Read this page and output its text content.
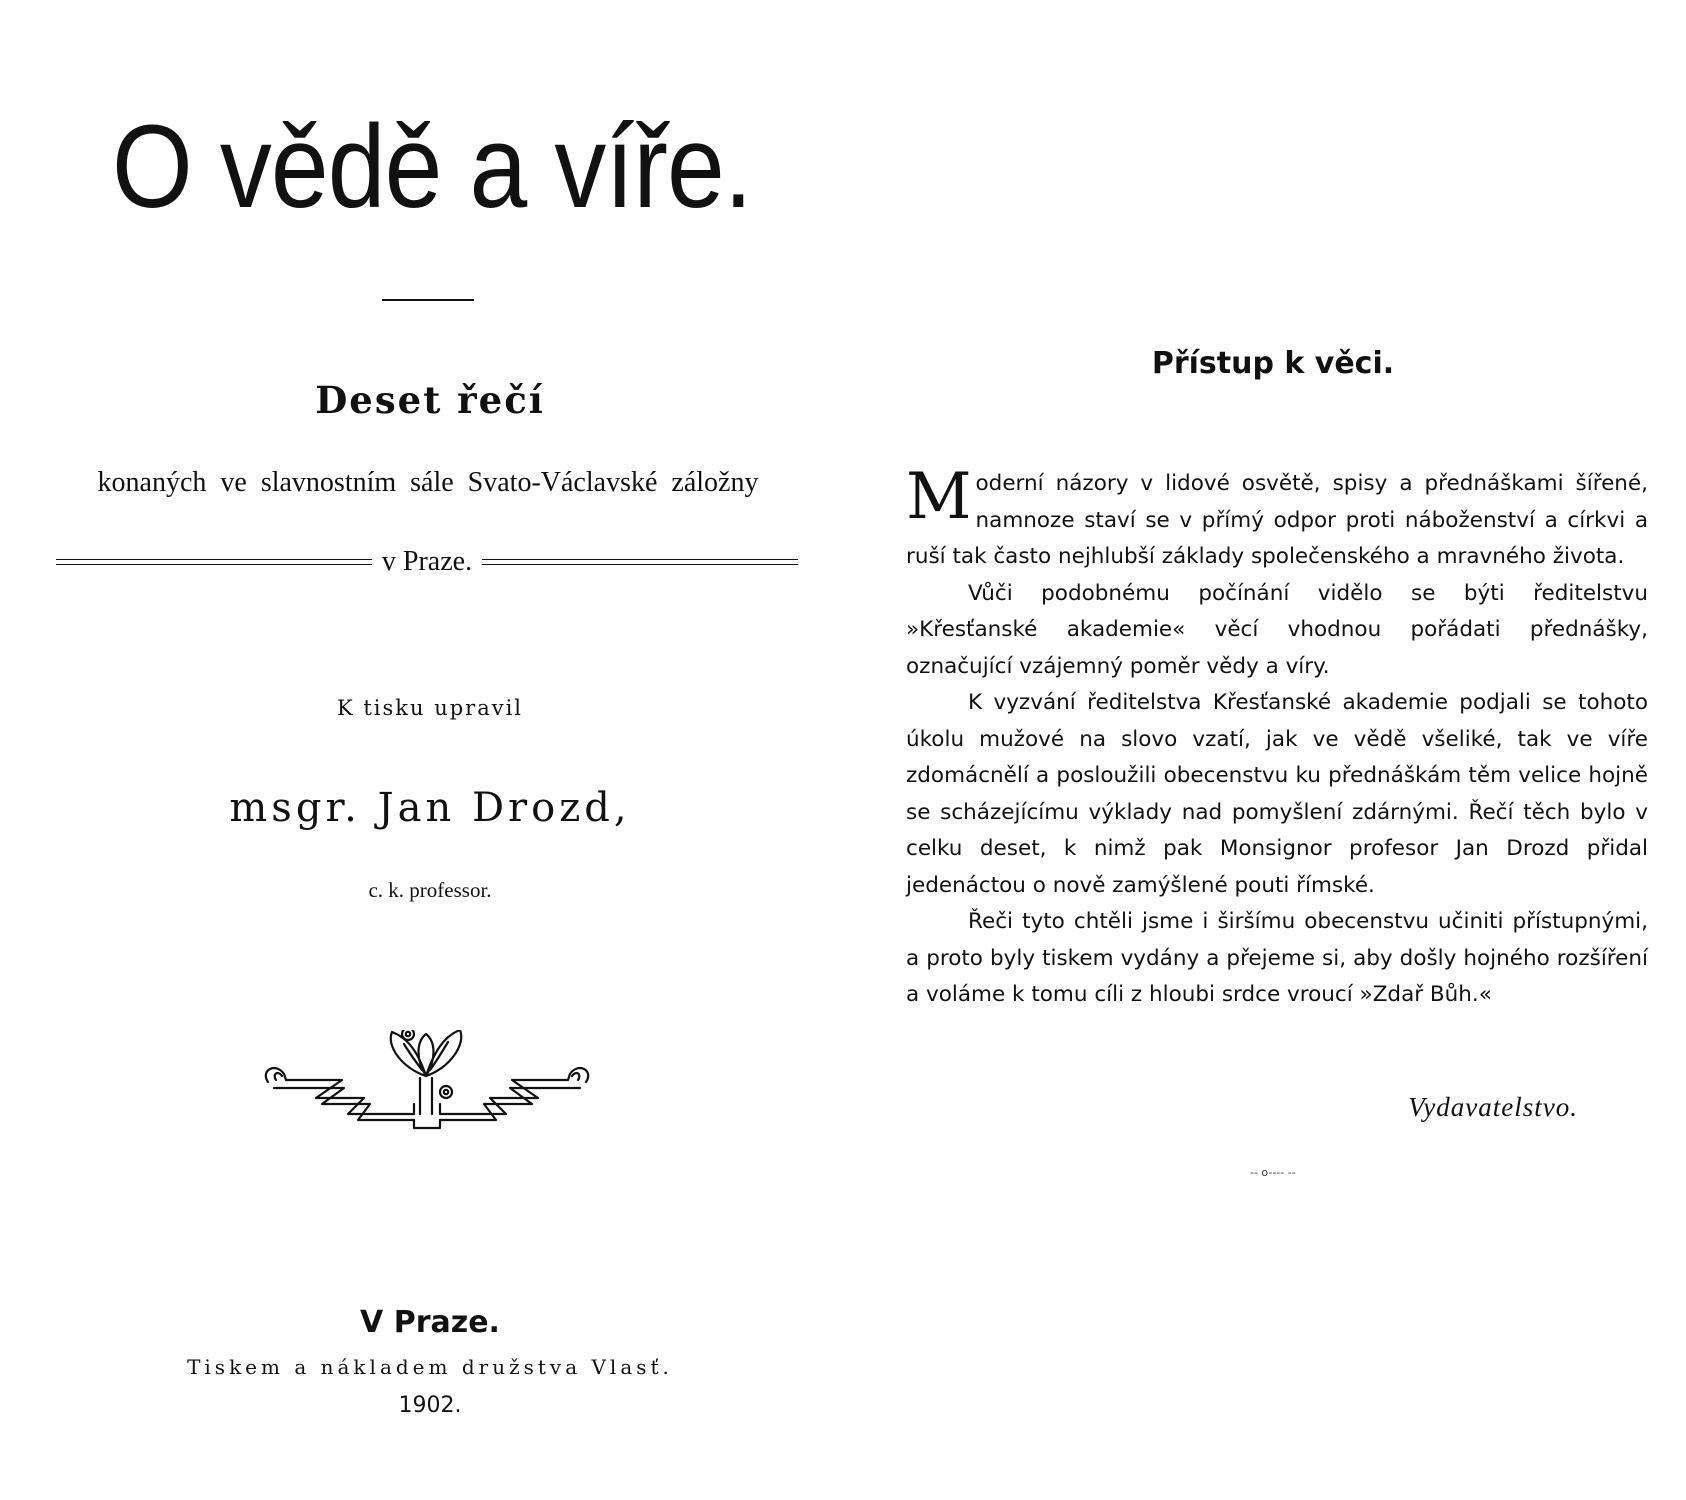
O vědě a víře.
Deset řečí
konaných ve slavnostním sále Svato-Václavské záložny
v Praze.
K tisku upravil
msgr. Jan Drozd,
c. k. professor.
V Praze.
Tiskem a nákladem družstva Vlasť.
1902.
Přístup k věci.

Moderní názory v lidové osvětě, spisy a přednáškami šířené, namnoze staví se v přímý odpor proti náboženství a církvi a ruší tak často nejhlubší základy společenského a mravného života.

Vůči podobnému počínání vidělo se býti ředitelstvu »Křesťanské akademie« věcí vhodnou pořádati přednášky, označující vzájemný poměr vědy a víry.

K vyzvání ředitelstva Křesťanské akademie podjali se tohoto úkolu mužové na slovo vzatí, jak ve vědě všeliké, tak ve víře zdomácnělí a posloužili obecenstvu ku přednáškám těm velice hojně se scházejícímu výklady nad pomyšlení zdárnými. Řečí těch bylo v celku deset, k nimž pak Monsignor profesor Jan Drozd přidal jedenáctou o nově zamýšlené pouti římské.

Řeči tyto chtěli jsme i širšímu obecenstvu učiniti přístupnými, a proto byly tiskem vydány a přejeme si, aby došly hojného rozšíření a voláme k tomu cíli z hloubi srdce vroucí »Zdař Bůh.«

Vydavatelstvo.
-- o---- --
